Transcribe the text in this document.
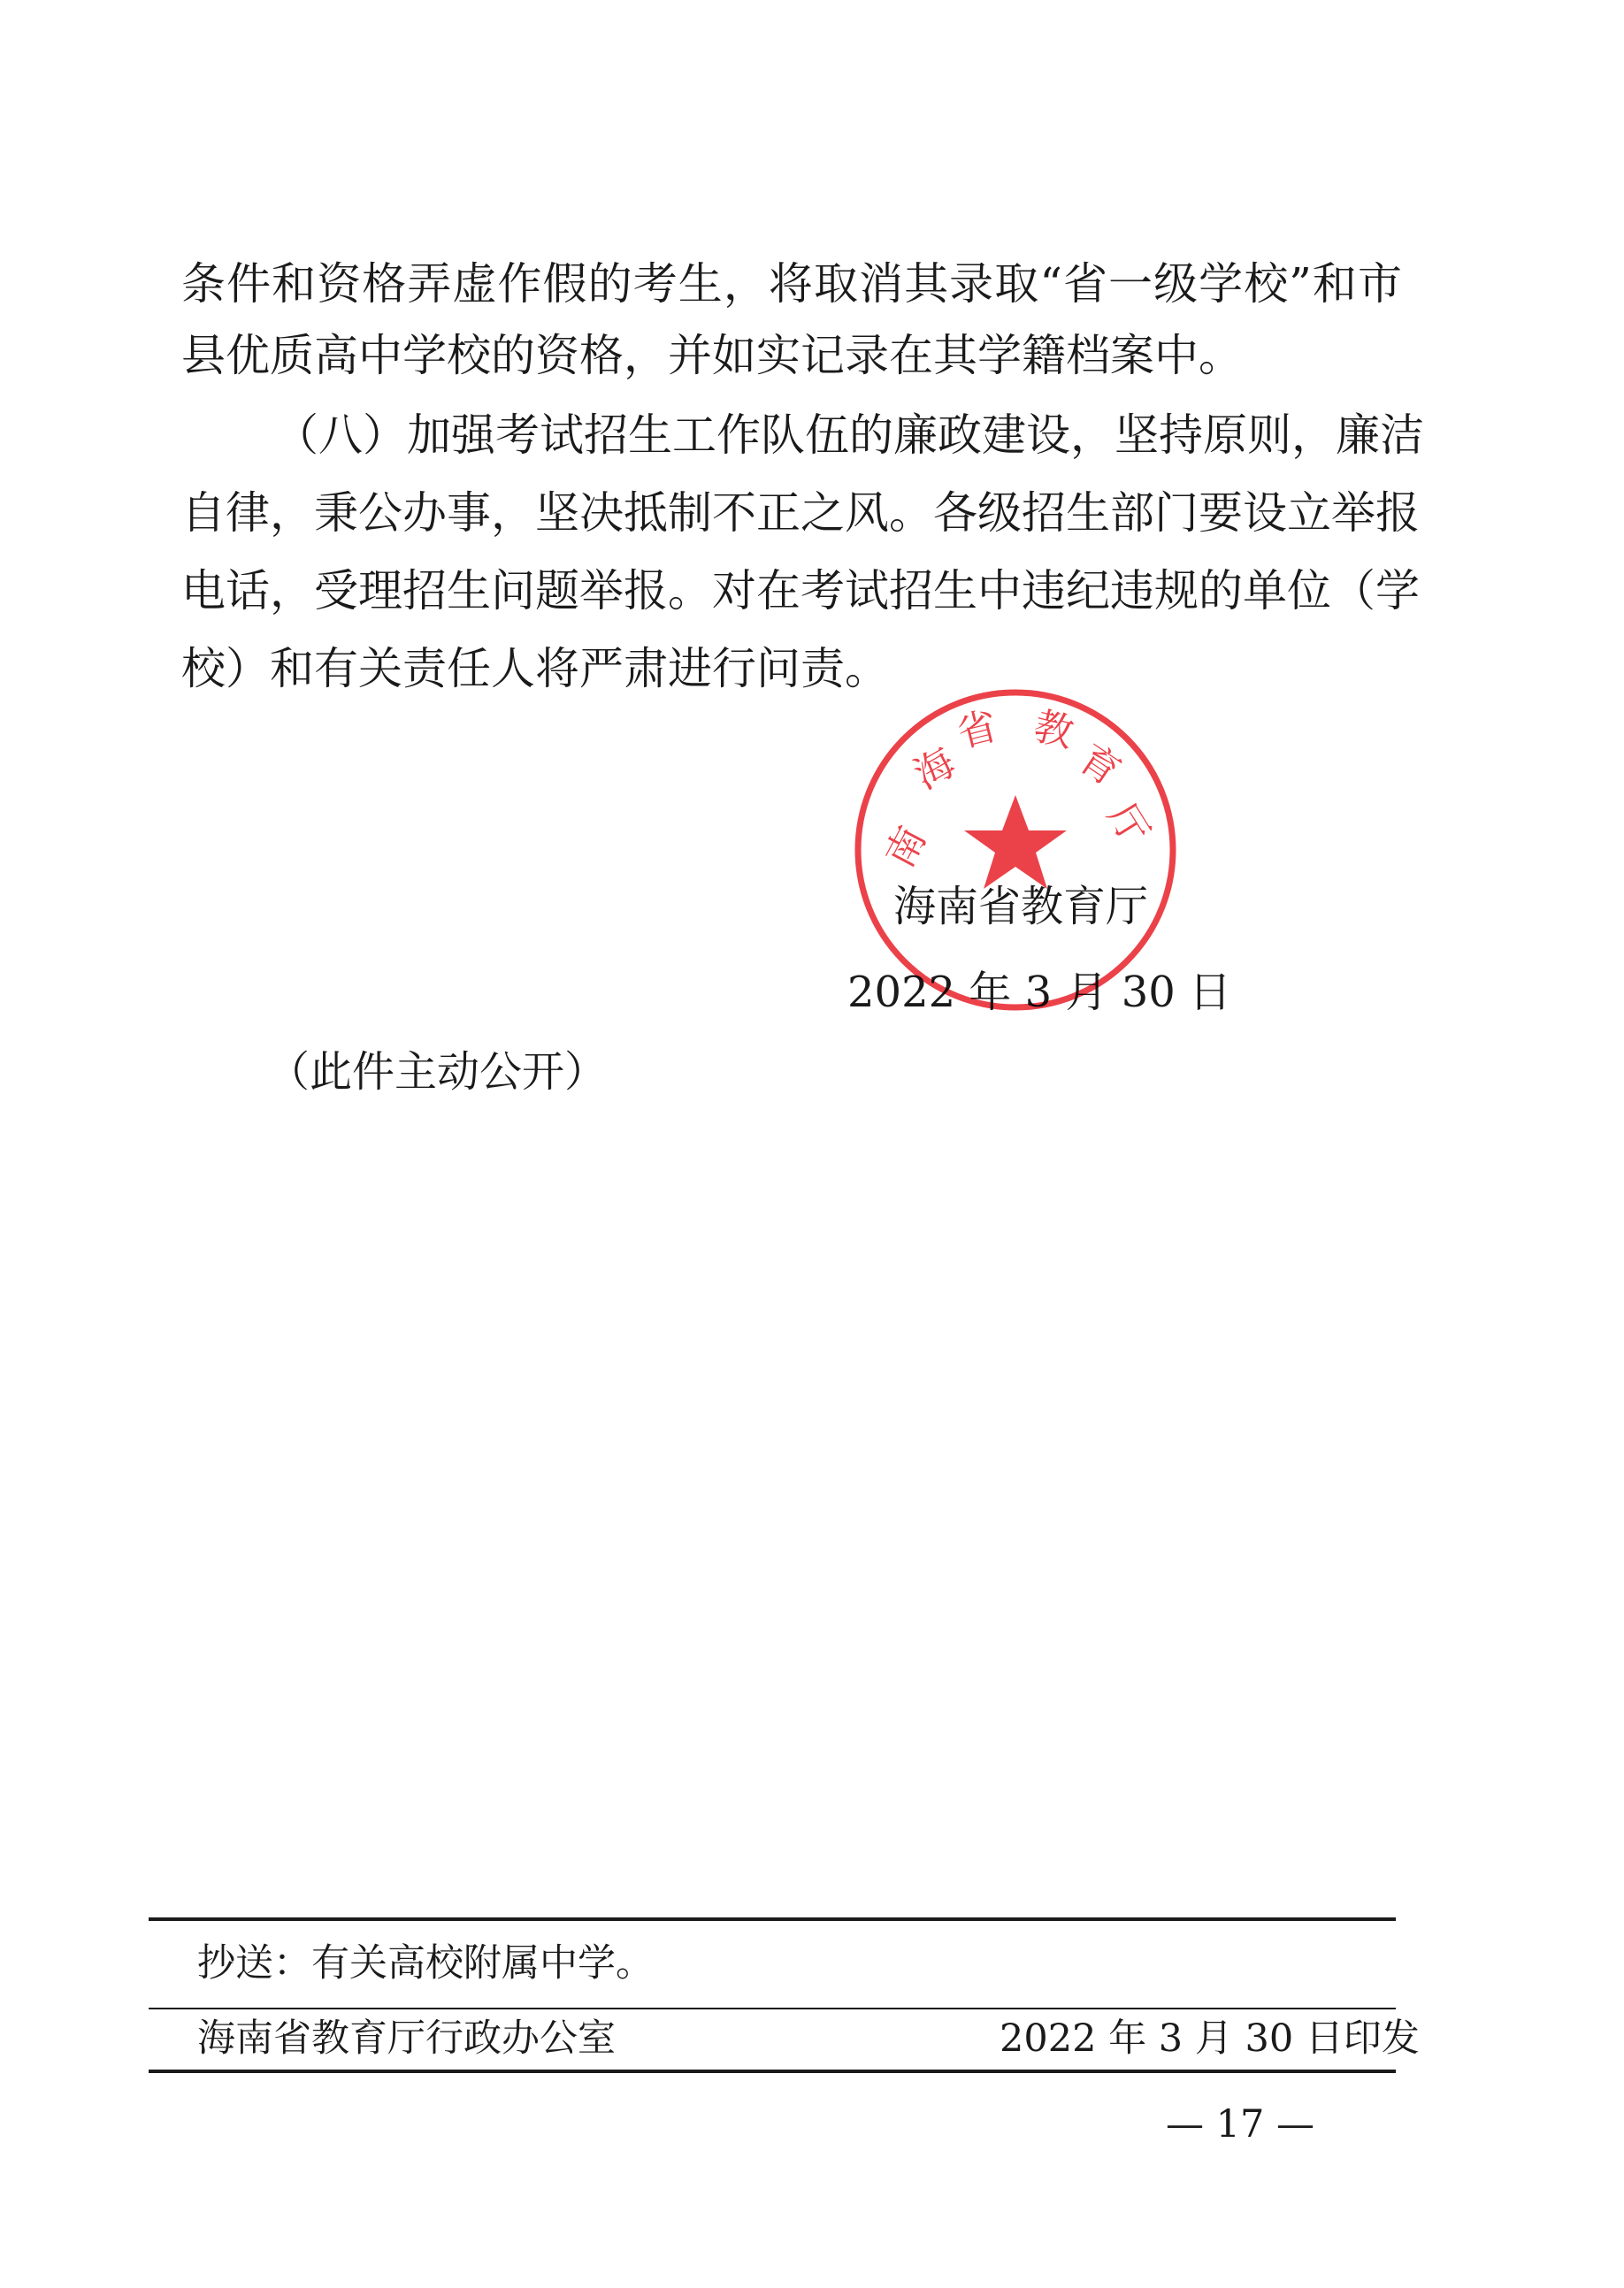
条件和资格弄虚作假的考生，将取消其录取“省一级学校”和市
县优质高中学校的资格，并如实记录在其学籍档案中。
（八）加强考试招生工作队伍的廉政建设，坚持原则，廉洁
自律，秉公办事，坚决抵制不正之风。各级招生部门要设立举报
电话，受理招生问题举报。对在考试招生中违纪违规的单位（学
校）和有关责任人将严肃进行问责。
海南省教育厅
2022 年 3 月 30 日
南
海
省 教
育
厅
（此件主动公开）
抄送：有关高校附属中学。
海南省教育厅行政办公室	2022 年 3 月 30 日印发
— 17 —
